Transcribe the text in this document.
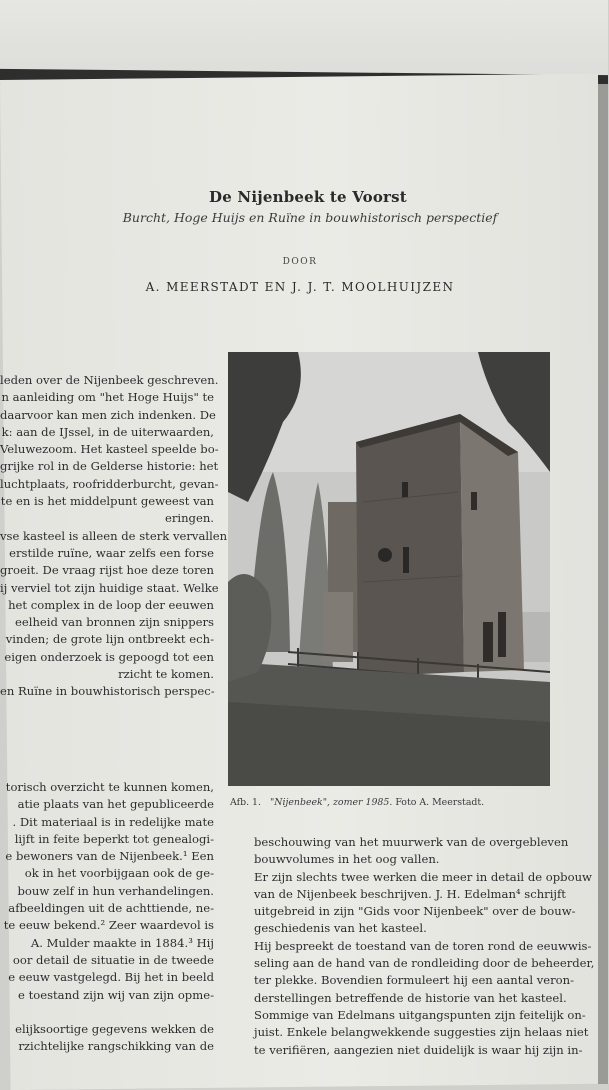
De Nijenbeek te Voorst
Burcht, Hoge Huijs en Ruïne in bouwhistorisch perspectief
DOOR
A. MEERSTADT EN J. J. T. MOOLHUIJZEN
leden over de Nijenbeek geschreven.
n aanleiding om "het Hoge Huijs" te
daarvoor kan men zich indenken. De
k: aan de IJssel, in de uiterwaarden,
Veluwezoom. Het kasteel speelde bo-
grijke rol in de Gelderse historie: het
luchtplaats, roofridderburcht, gevan-
te en is het middelpunt geweest van
eringen.
vse kasteel is alleen de sterk vervallen
erstilde ruïne, waar zelfs een forse
groeit. De vraag rijst hoe deze toren
ij verviel tot zijn huidige staat. Welke
het complex in de loop der eeuwen
eelheid van bronnen zijn snippers
vinden; de grote lijn ontbreekt ech-
eigen onderzoek is gepoogd tot een
rzicht te komen.
en Ruïne in bouwhistorisch perspec-
torisch overzicht te kunnen komen,
atie plaats van het gepubliceerde
. Dit materiaal is in redelijke mate
lijft in feite beperkt tot genealogi-
e bewoners van de Nijenbeek.¹ Een
ok in het voorbijgaan ook de ge-
bouw zelf in hun verhandelingen.
afbeeldingen uit de achttiende, ne-
te eeuw bekend.² Zeer waardevol is
A. Mulder maakte in 1884.³ Hij
oor detail de situatie in de tweede
e eeuw vastgelegd. Bij het in beeld
e toestand zijn wij van zijn opme-

elijksoortige gegevens wekken de
rzichtelijke rangschikking van de
beschouwing van het muurwerk van de overgebleven
bouwvolumes in het oog vallen.
Er zijn slechts twee werken die meer in detail de opbouw
van de Nijenbeek beschrijven. J. H. Edelman⁴ schrijft
uitgebreid in zijn "Gids voor Nijenbeek" over de bouw-
geschiedenis van het kasteel.
Hij bespreekt de toestand van de toren rond de eeuwwis-
seling aan de hand van de rondleiding door de beheerder,
ter plekke. Bovendien formuleert hij een aantal veron-
derstellingen betreffende de historie van het kasteel.
Sommige van Edelmans uitgangspunten zijn feitelijk on-
juist. Enkele belangwekkende suggesties zijn helaas niet
te verifiëren, aangezien niet duidelijk is waar hij zijn in-
Afb. 1. "Nijenbeek", zomer 1985. Foto A. Meerstadt.
